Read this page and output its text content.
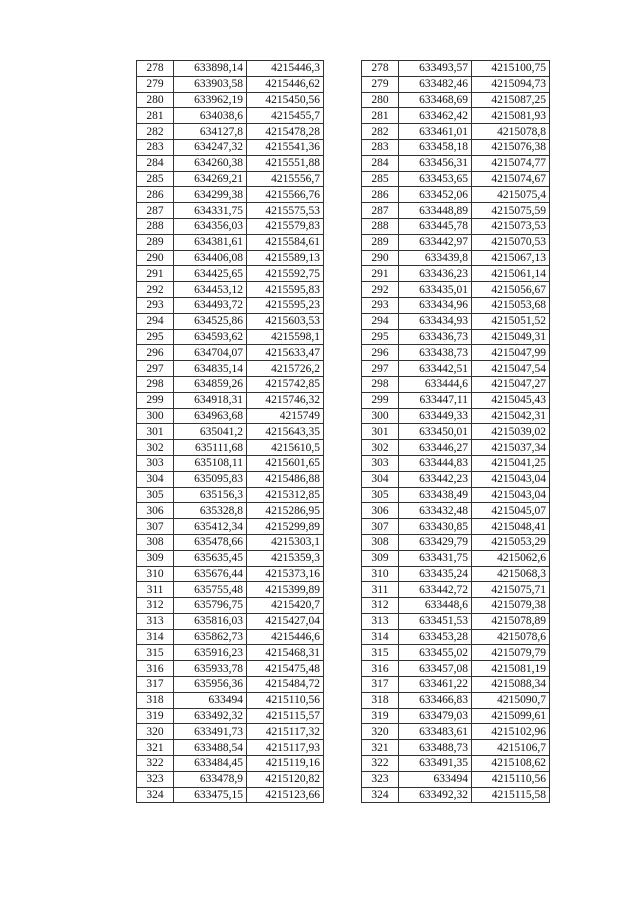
278	633898,14	4215446,3
279	633903,58	4215446,62
280	633962,19	4215450,56
281	634038,6	4215455,7
282	634127,8	4215478,28
283	634247,32	4215541,36
284	634260,38	4215551,88
285	634269,21	4215556,7
286	634299,38	4215566,76
287	634331,75	4215575,53
288	634356,03	4215579,83
289	634381,61	4215584,61
290	634406,08	4215589,13
291	634425,65	4215592,75
292	634453,12	4215595,83
293	634493,72	4215595,23
294	634525,86	4215603,53
295	634593,62	4215598,1
296	634704,07	4215633,47
297	634835,14	4215726,2
298	634859,26	4215742,85
299	634918,31	4215746,32
300	634963,68	4215749
301	635041,2	4215643,35
302	635111,68	4215610,5
303	635108,11	4215601,65
304	635095,83	4215486,88
305	635156,3	4215312,85
306	635328,8	4215286,95
307	635412,34	4215299,89
308	635478,66	4215303,1
309	635635,45	4215359,3
310	635676,44	4215373,16
311	635755,48	4215399,89
312	635796,75	4215420,7
313	635816,03	4215427,04
314	635862,73	4215446,6
315	635916,23	4215468,31
316	635933,78	4215475,48
317	635956,36	4215484,72
318	633494	4215110,56
319	633492,32	4215115,57
320	633491,73	4215117,32
321	633488,54	4215117,93
322	633484,45	4215119,16
323	633478,9	4215120,82
324	633475,15	4215123,66
278	633493,57	4215100,75
279	633482,46	4215094,73
280	633468,69	4215087,25
281	633462,42	4215081,93
282	633461,01	4215078,8
283	633458,18	4215076,38
284	633456,31	4215074,77
285	633453,65	4215074,67
286	633452,06	4215075,4
287	633448,89	4215075,59
288	633445,78	4215073,53
289	633442,97	4215070,53
290	633439,8	4215067,13
291	633436,23	4215061,14
292	633435,01	4215056,67
293	633434,96	4215053,68
294	633434,93	4215051,52
295	633436,73	4215049,31
296	633438,73	4215047,99
297	633442,51	4215047,54
298	633444,6	4215047,27
299	633447,11	4215045,43
300	633449,33	4215042,31
301	633450,01	4215039,02
302	633446,27	4215037,34
303	633444,83	4215041,25
304	633442,23	4215043,04
305	633438,49	4215043,04
306	633432,48	4215045,07
307	633430,85	4215048,41
308	633429,79	4215053,29
309	633431,75	4215062,6
310	633435,24	4215068,3
311	633442,72	4215075,71
312	633448,6	4215079,38
313	633451,53	4215078,89
314	633453,28	4215078,6
315	633455,02	4215079,79
316	633457,08	4215081,19
317	633461,22	4215088,34
318	633466,83	4215090,7
319	633479,03	4215099,61
320	633483,61	4215102,96
321	633488,73	4215106,7
322	633491,35	4215108,62
323	633494	4215110,56
324	633492,32	4215115,58
